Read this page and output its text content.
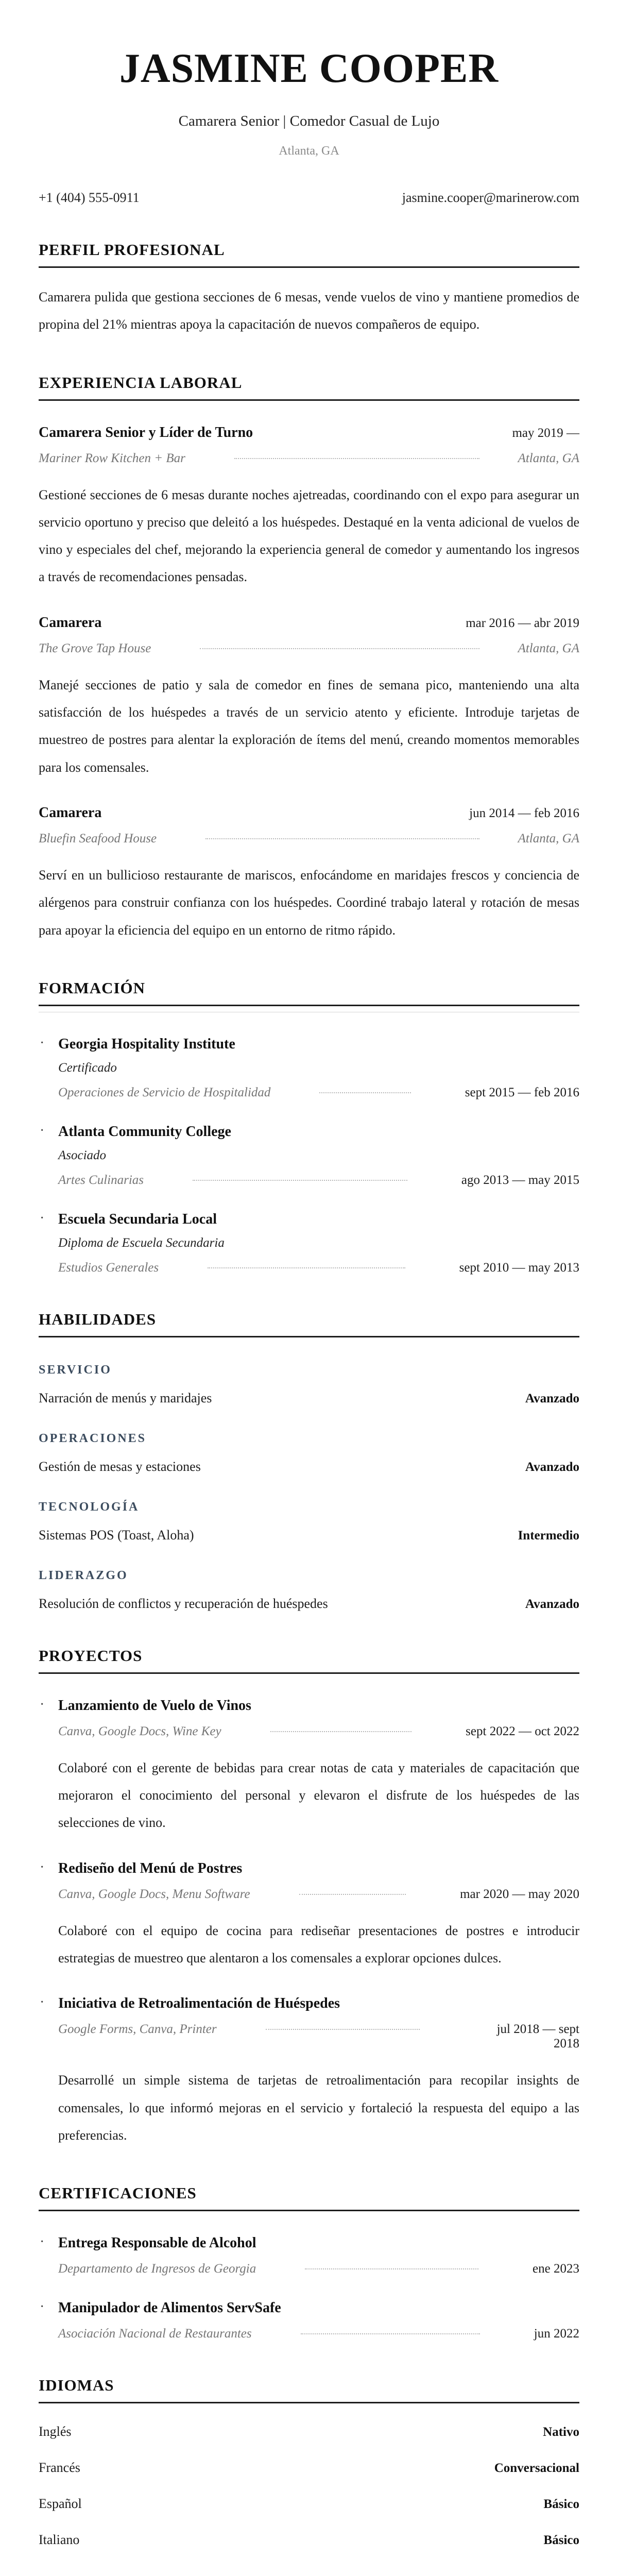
JASMINE COOPER
Camarera Senior | Comedor Casual de Lujo
Atlanta, GA
+1 (404) 555-0911	jasmine.cooper@marinerow.com
PERFIL PROFESIONAL

Camarera pulida que gestiona secciones de 6 mesas, vende vuelos de vino y mantiene promedios de propina del 21% mientras apoya la capacitación de nuevos compañeros de equipo.

EXPERIENCIA LABORAL
Camarera Senior y Líder de Turno	may 2019 —
Mariner Row Kitchen + Bar	Atlanta, GA

Gestioné secciones de 6 mesas durante noches ajetreadas, coordinando con el expo para asegurar un servicio oportuno y preciso que deleitó a los huéspedes. Destaqué en la venta adicional de vuelos de vino y especiales del chef, mejorando la experiencia general de comedor y aumentando los ingresos a través de recomendaciones pensadas.

Camarera	mar 2016 — abr 2019
The Grove Tap House	Atlanta, GA

Manejé secciones de patio y sala de comedor en fines de semana pico, manteniendo una alta satisfacción de los huéspedes a través de un servicio atento y eficiente. Introduje tarjetas de muestreo de postres para alentar la exploración de ítems del menú, creando momentos memorables para los comensales.

Camarera	jun 2014 — feb 2016
Bluefin Seafood House	Atlanta, GA

Serví en un bullicioso restaurante de mariscos, enfocándome en maridajes frescos y conciencia de alérgenos para construir confianza con los huéspedes. Coordiné trabajo lateral y rotación de mesas para apoyar la eficiencia del equipo en un entorno de ritmo rápido.

FORMACIÓN
· Georgia Hospitality Institute
Certificado
Operaciones de Servicio de Hospitalidad	sept 2015 — feb 2016
· Atlanta Community College
Asociado
Artes Culinarias	ago 2013 — may 2015
· Escuela Secundaria Local
Diploma de Escuela Secundaria
Estudios Generales	sept 2010 — may 2013
HABILIDADES
SERVICIO
Narración de menús y maridajes	Avanzado
OPERACIONES
Gestión de mesas y estaciones	Avanzado
TECNOLOGÍA
Sistemas POS (Toast, Aloha)	Intermedio
LIDERAZGO
Resolución de conflictos y recuperación de huéspedes	Avanzado
PROYECTOS
· Lanzamiento de Vuelo de Vinos
Canva, Google Docs, Wine Key	sept 2022 — oct 2022

Colaboré con el gerente de bebidas para crear notas de cata y materiales de capacitación que mejoraron el conocimiento del personal y elevaron el disfrute de los huéspedes de las selecciones de vino.

· Rediseño del Menú de Postres
Canva, Google Docs, Menu Software	mar 2020 — may 2020

Colaboré con el equipo de cocina para rediseñar presentaciones de postres e introducir estrategias de muestreo que alentaron a los comensales a explorar opciones dulces.

· Iniciativa de Retroalimentación de Huéspedes
Google Forms, Canva, Printer	jul 2018 — sept 2018

Desarrollé un simple sistema de tarjetas de retroalimentación para recopilar insights de comensales, lo que informó mejoras en el servicio y fortaleció la respuesta del equipo a las preferencias.

CERTIFICACIONES
· Entrega Responsable de Alcohol
Departamento de Ingresos de Georgia	ene 2023
· Manipulador de Alimentos ServSafe
Asociación Nacional de Restaurantes	jun 2022
IDIOMAS
Inglés	Nativo
Francés	Conversacional
Español	Básico
Italiano	Básico
